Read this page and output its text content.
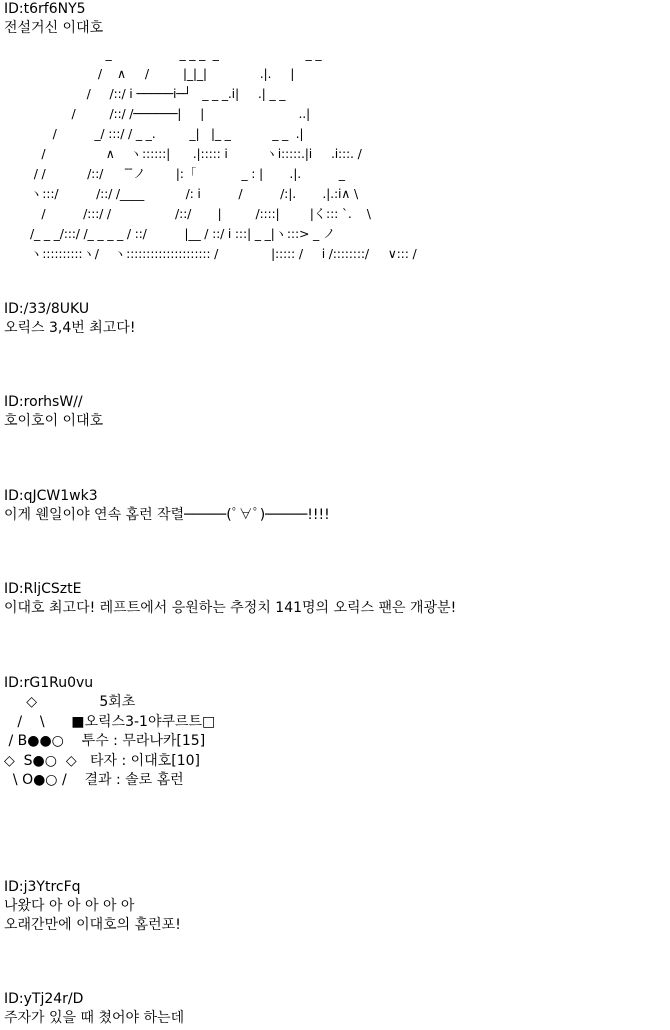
ID:t6rf6NY5
전설거신 이대호
_                  _ _ _  _                       _ _
/    ∧     /         |_|_|              .|.     |
/     /::/ i ─────i─┘   _ _ _.i|     .| _ _
/         /::/ /──────|     |                         ..|
/          _/ :::/ / _ _.         _|   |_ _           _ _  .|
/                ∧    ヽ::::::|      .|::::: i          ヽi:::::.|i     .i:::. /
/ /           /::/       ̄ ̄ノ        |:「            _ : |       .|.          _
ヽ:::/          /::/ /____           /: i          /          /:|.       .|.:i∧ \
/          /:::/ /                 /::/       |         /::::|        |く::: `.    \
/_ _ _/:::/ /_ _ _ _ / ::/          |__ / ::/ i :::| _ _|ヽ:::> _ ノ
ヽ::::::::::ヽ/    ヽ::::::::::::::::::::: /              |::::: /     i /::::::::/     ∨::: /
ID:/33/8UKU
오릭스 3,4번 최고다!
ID:rorhsW//
호이호이 이대호
ID:qJCW1wk3
이게 웬일이야 연속 홈런 작렬─────(ﾟ∀ﾟ)─────!!!!
ID:RljCSztE
이대호 최고다! 레프트에서 응원하는 추정치 141명의 오릭스 팬은 개광분!
ID:rG1Ru0vu
◇              5회초
/    \      ■오릭스3-1야쿠르트□
/ B●●○    투수 : 무라나카[15]
◇  S●○  ◇   타자 : 이대호[10]
\ O●○ /    결과 : 솔로 홈런
ID:j3YtrcFq
나왔다 아 아 아 아 아
오래간만에 이대호의 홈런포!
ID:yTj24r/D
주자가 있을 때 쳤어야 하는데
